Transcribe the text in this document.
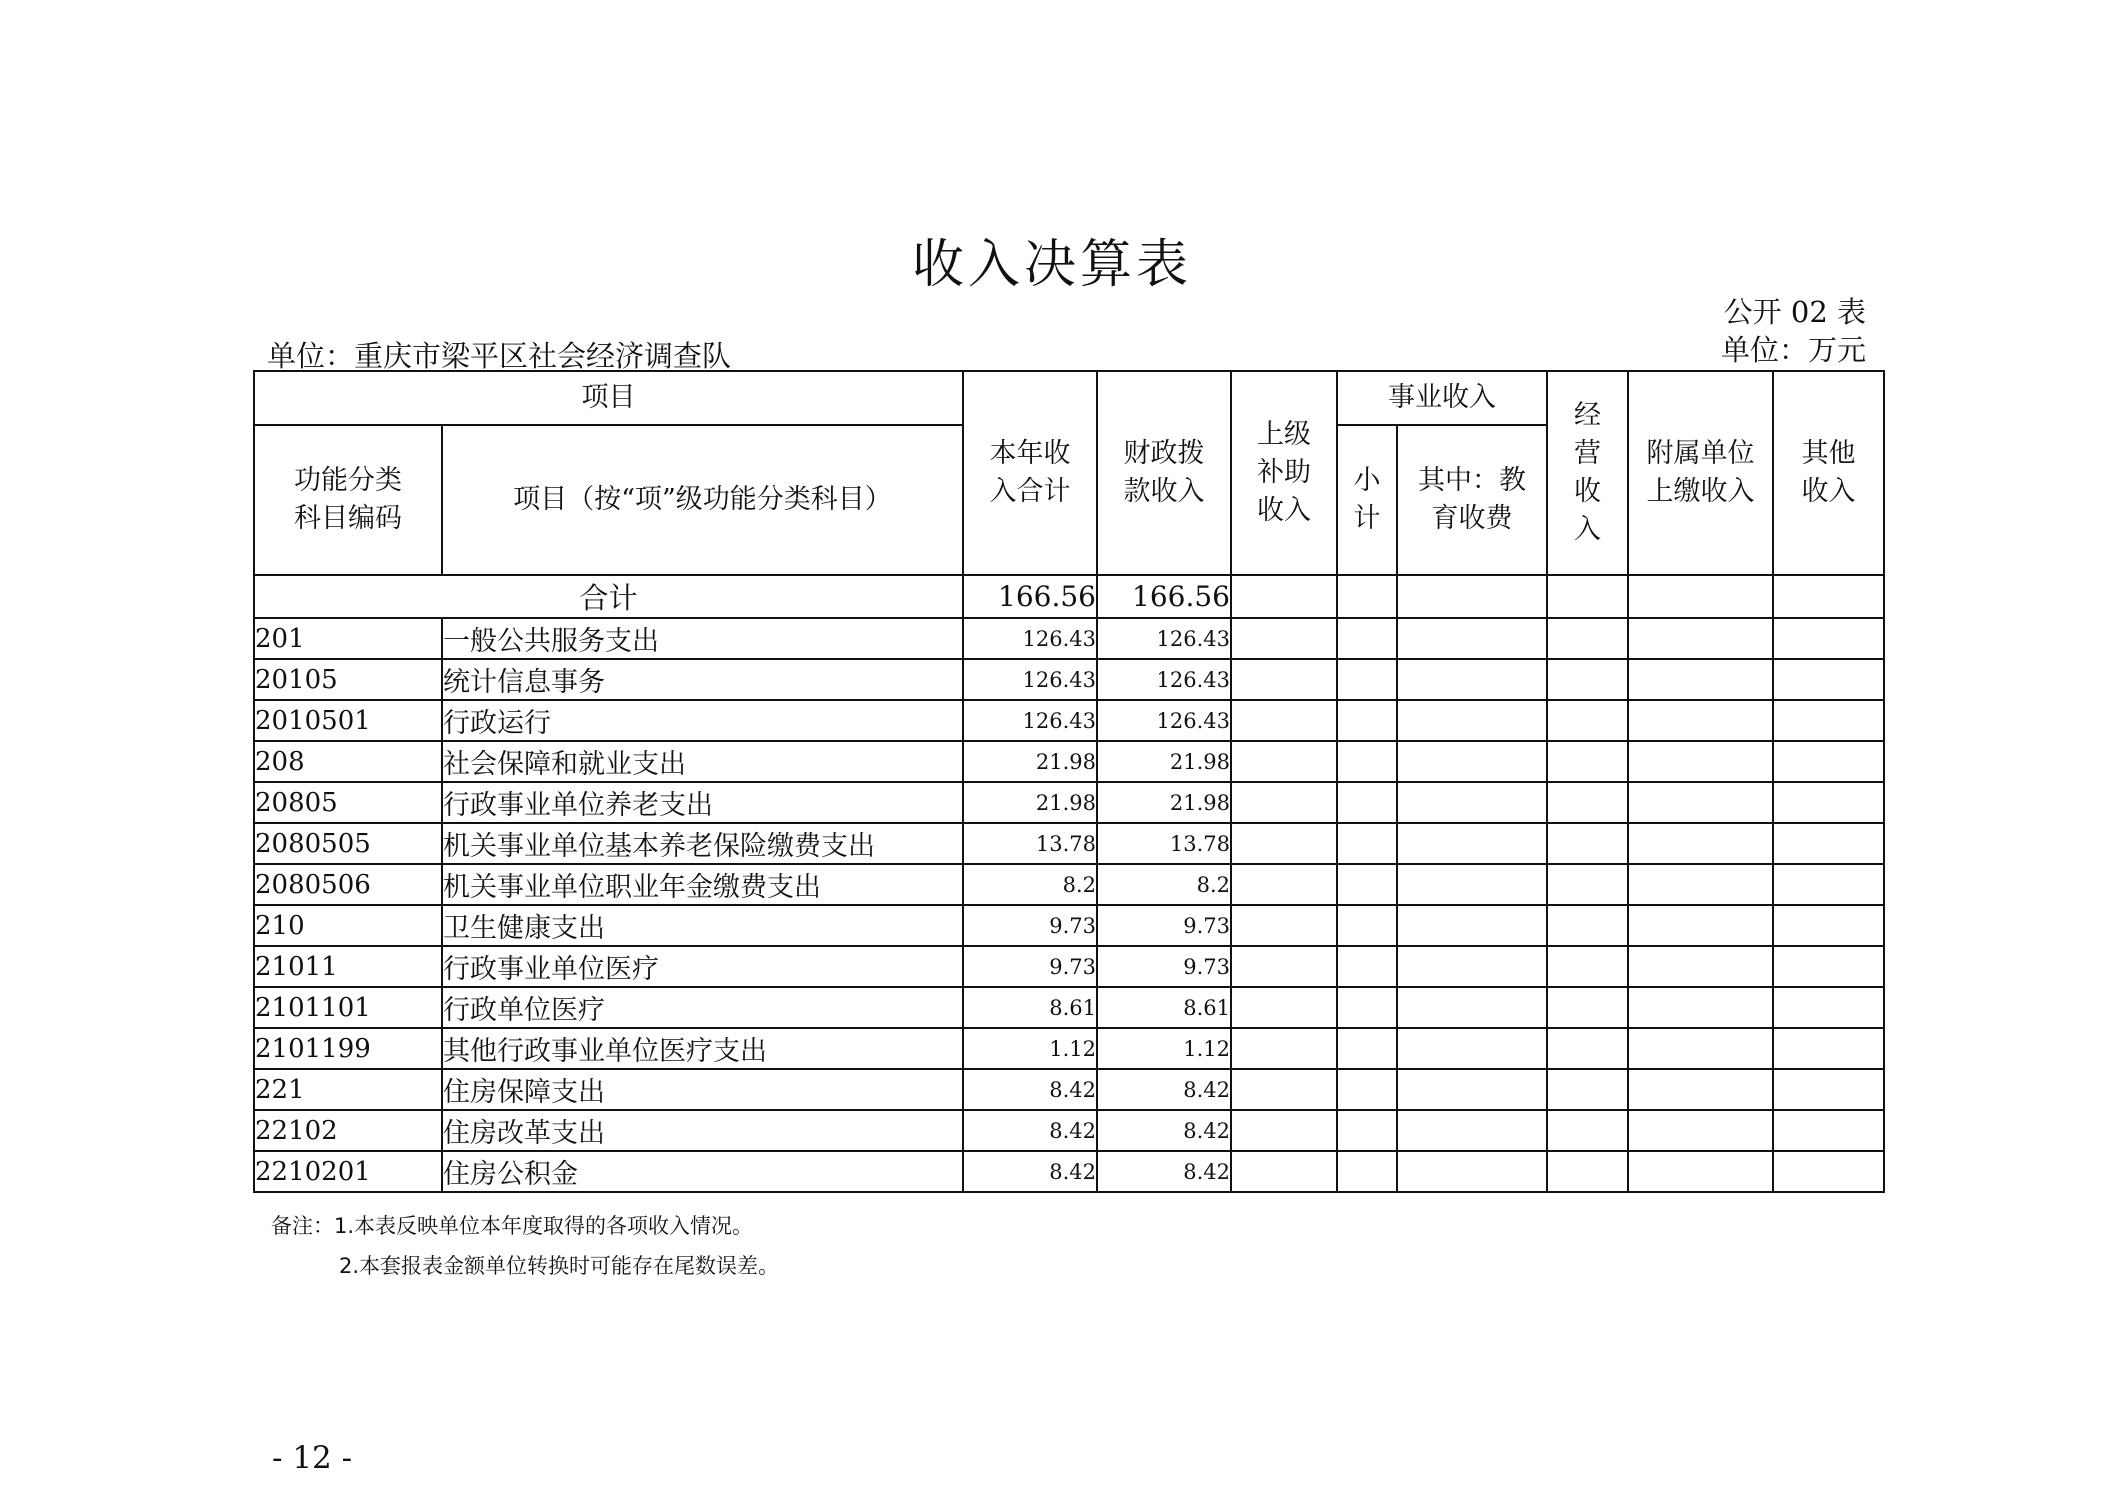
收入决算表
公开 02 表
单位：万元
单位：重庆市梁平区社会经济调查队
项目		本年收入合计	财政拨款收入	上级补助收入	事业收入		经营收入	附属单位上缴收入	其他收入

功能分类科目编码	项目（按“项”级功能分类科目）				小计	其中：教育收费			

合计		166.56	166.56						
201	一般公共服务支出	126.43	126.43						
20105	统计信息事务	126.43	126.43						
2010501	行政运行	126.43	126.43						
208	社会保障和就业支出	21.98	21.98						
20805	行政事业单位养老支出	21.98	21.98						
2080505	机关事业单位基本养老保险缴费支出	13.78	13.78						
2080506	机关事业单位职业年金缴费支出	8.2	8.2						
210	卫生健康支出	9.73	9.73						
21011	行政事业单位医疗	9.73	9.73						
2101101	行政单位医疗	8.61	8.61						
2101199	其他行政事业单位医疗支出	1.12	1.12						
221	住房保障支出	8.42	8.42						
22102	住房改革支出	8.42	8.42						
2210201	住房公积金	8.42	8.42						
备注：1.本表反映单位本年度取得的各项收入情况。
2.本套报表金额单位转换时可能存在尾数误差。
- 12 -
